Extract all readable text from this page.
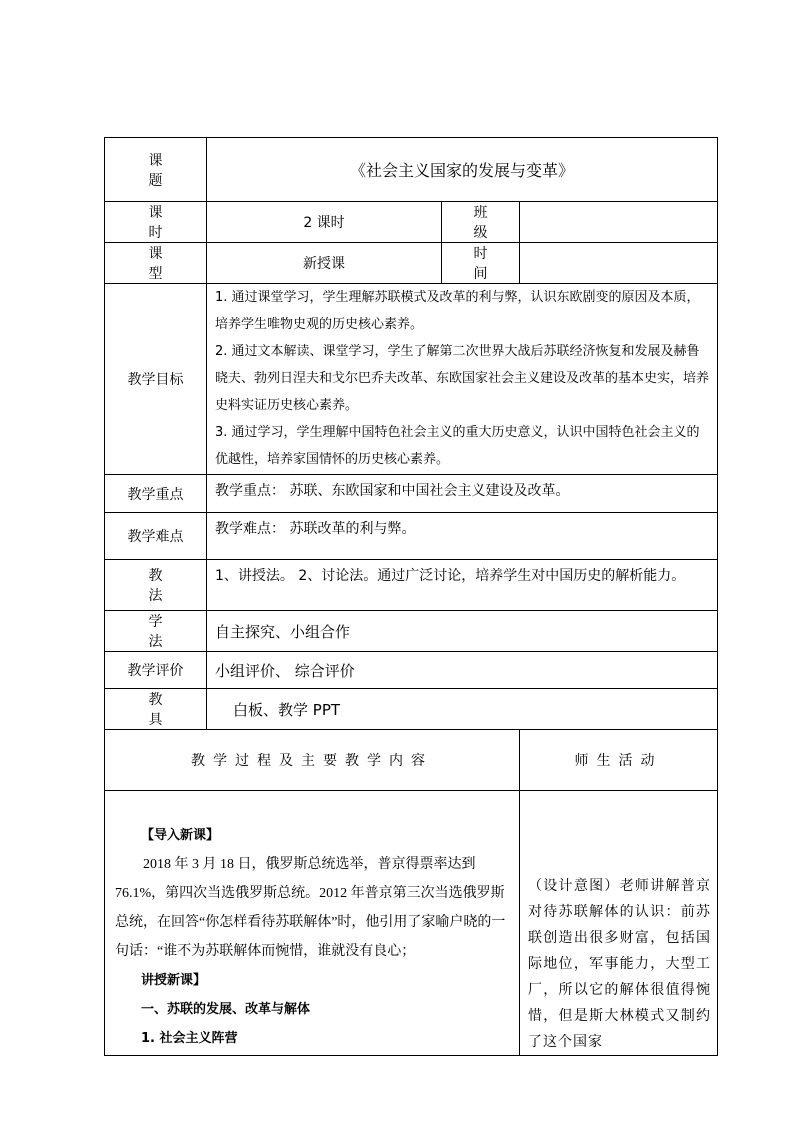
课 题	《社会主义国家的发展与变革》		
课 时	2 课时	班 级	
课 型	新授课	时 间	
教学目标	1. 通过课堂学习，学生理解苏联模式及改革的利与弊，认识东欧剧变的原因及本质，培养学生唯物史观的历史核心素养。

2. 通过文本解读、课堂学习，学生了解第二次世界大战后苏联经济恢复和发展及赫鲁晓夫、勃列日涅夫和戈尔巴乔夫改革、东欧国家社会主义建设及改革的基本史实，培养史料实证历史核心素养。

3. 通过学习，学生理解中国特色社会主义的重大历史意义，认识中国特色社会主义的优越性，培养家国情怀的历史核心素养。		

教学重点	教学重点： 苏联、东欧国家和中国社会主义建设及改革。		
教学难点	教学难点： 苏联改革的利与弊。		
教 法	1、讲授法。 2、讨论法。通过广泛讨论，培养学生对中国历史的解析能力。		
学 法	自主探究、小组合作		
教学评价	小组评价、 综合评价		
教 具	白板、教学 PPT		
教学过程及主要教学内容			师生活动

【导入新课】

2018 年 3 月 18 日，俄罗斯总统选举，普京得票率达到 76.1%，第四次当选俄罗斯总统。2012 年普京第三次当选俄罗斯总统，在回答“你怎样看待苏联解体”时，他引用了家喻户晓的一句话：“谁不为苏联解体而惋惜，谁就没有良心；

讲授新课】

一、苏联的发展、改革与解体

1. 社会主义阵营			（设计意图）老师讲解普京对待苏联解体的认识：前苏联创造出很多财富，包括国际地位，军事能力，大型工厂，所以它的解体很值得惋惜，但是斯大林模式又制约了这个国家
